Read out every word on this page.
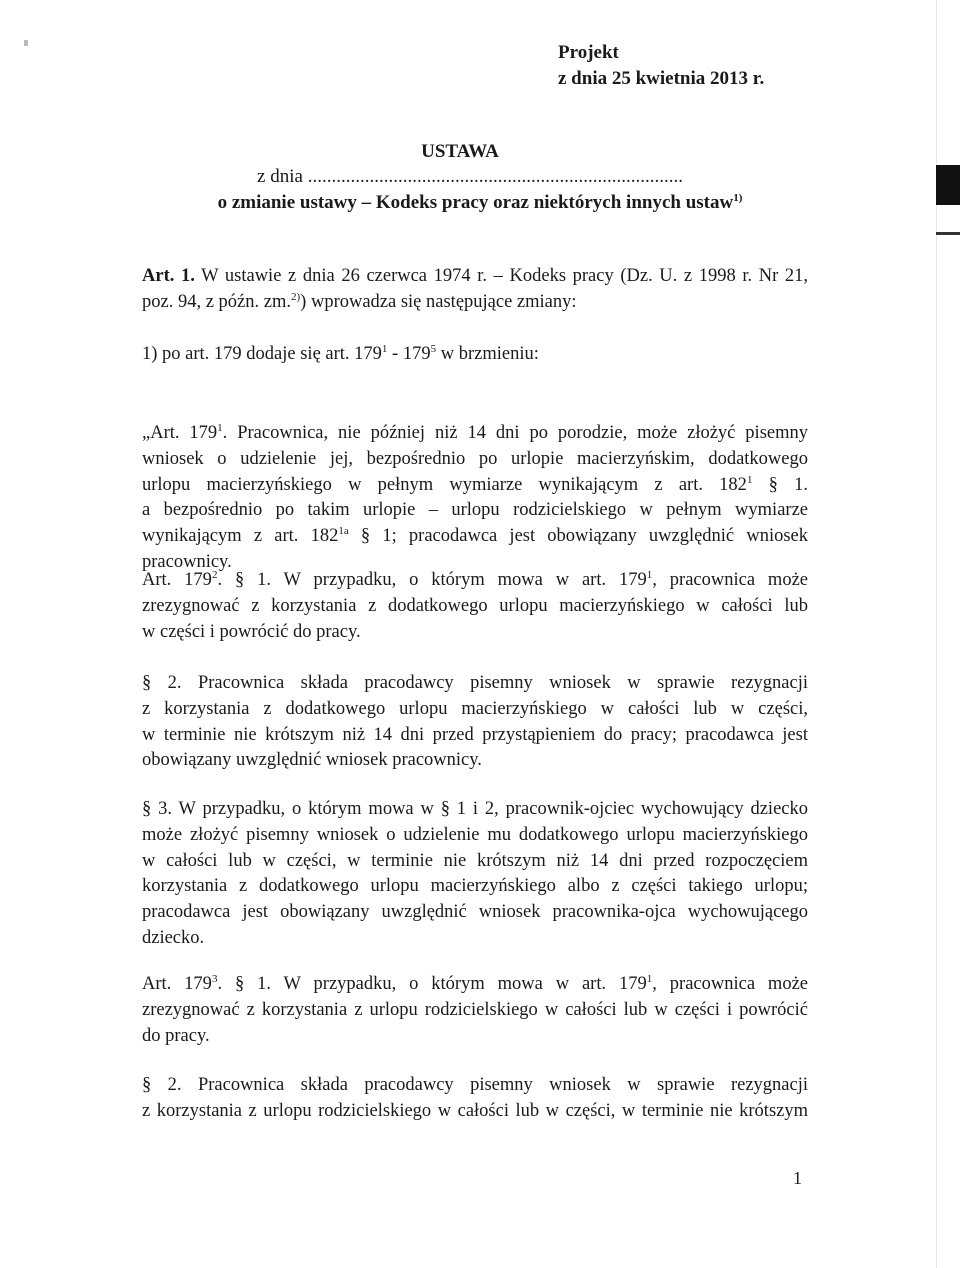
Projekt
z dnia 25 kwietnia 2013 r.
USTAWA
z dnia ...............................................................................
o zmianie ustawy – Kodeks pracy oraz niektórych innych ustaw$^{1)}$
Art. 1. W ustawie z dnia 26 czerwca 1974 r. – Kodeks pracy (Dz. U. z 1998 r. Nr 21,
poz. 94, z późn. zm.$^{2)}$) wprowadza się następujące zmiany:
1) po art. 179 dodaje się art. $179^1 - 179^5$ w brzmieniu:
„Art. $179^1$. Pracownica, nie później niż 14 dni po porodzie, może złożyć pisemny
wniosek o udzielenie jej, bezpośrednio po urlopie macierzyńskim, dodatkowego
urlopu macierzyńskiego w pełnym wymiarze wynikającym z art. $182^1$ § 1.
a bezpośrednio po takim urlopie – urlopu rodzicielskiego w pełnym wymiarze
wynikającym z art. $182^{1a}$ § 1; pracodawca jest obowiązany uwzględnić wniosek
pracownicy.
Art. $179^2$. § 1. W przypadku, o którym mowa w art. $179^1$, pracownica może
zrezygnować z korzystania z dodatkowego urlopu macierzyńskiego w całości lub
w części i powrócić do pracy.
§ 2. Pracownica składa pracodawcy pisemny wniosek w sprawie rezygnacji
z korzystania z dodatkowego urlopu macierzyńskiego w całości lub w części,
w terminie nie krótszym niż 14 dni przed przystąpieniem do pracy; pracodawca jest
obowiązany uwzględnić wniosek pracownicy.
§ 3. W przypadku, o którym mowa w § 1 i 2, pracownik-ojciec wychowujący dziecko
może złożyć pisemny wniosek o udzielenie mu dodatkowego urlopu macierzyńskiego
w całości lub w części, w terminie nie krótszym niż 14 dni przed rozpoczęciem
korzystania z dodatkowego urlopu macierzyńskiego albo z części takiego urlopu;
pracodawca jest obowiązany uwzględnić wniosek pracownika-ojca wychowującego
dziecko.
Art. $179^3$. § 1. W przypadku, o którym mowa w art. $179^1$, pracownica może
zrezygnować z korzystania z urlopu rodzicielskiego w całości lub w części i powrócić
do pracy.
§ 2. Pracownica składa pracodawcy pisemny wniosek w sprawie rezygnacji
z korzystania z urlopu rodzicielskiego w całości lub w części, w terminie nie krótszym
1
